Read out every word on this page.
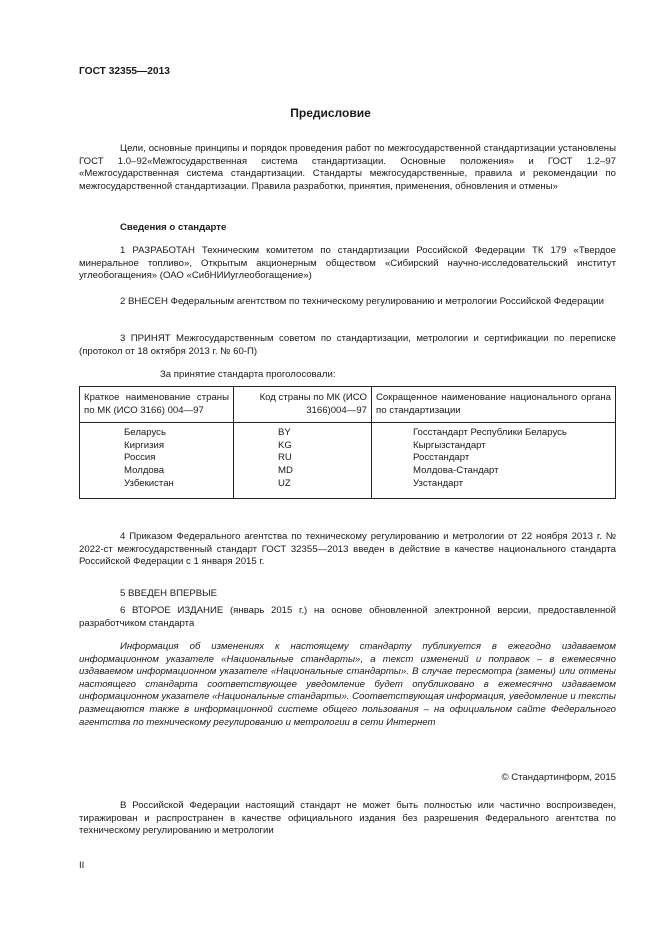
ГОСТ 32355—2013
Предисловие
Цели, основные принципы и порядок проведения работ по межгосударственной стандартизации установлены ГОСТ 1.0–92«Межгосударственная система стандартизации. Основные положения» и ГОСТ 1.2–97 «Межгосударственная система стандартизации. Стандарты межгосударственные, правила и рекомендации по межгосударственной стандартизации. Правила разработки, принятия, применения, обновления и отмены»
Сведения о стандарте
1 РАЗРАБОТАН Техническим комитетом по стандартизации Российской Федерации ТК 179 «Твердое минеральное топливо», Открытым акционерным обществом «Сибирский научно-исследовательский институт углеобогащения» (ОАО «СибНИИуглеобогащение»)
2 ВНЕСЕН Федеральным агентством по техническому регулированию и метрологии Российской Федерации
3 ПРИНЯТ Межгосударственным советом по стандартизации, метрологии и сертификации по переписке (протокол от 18 октября 2013 г. № 60-П)
За принятие стандарта проголосовали:
Краткое наименование страны по МК (ИСО 3166) 004—97	Код страны по МК (ИСО 3166)004—97	Сокращенное наименование национального органа по стандартизации
Беларусь	BY	Госстандарт Республики Беларусь
Киргизия	KG	Кыргызстандарт
Россия	RU	Росстандарт
Молдова	MD	Молдова-Стандарт
Узбекистан	UZ	Узстандарт
4 Приказом Федерального агентства по техническому регулированию и метрологии от 22 ноября 2013 г. № 2022-ст межгосударственный стандарт ГОСТ 32355—2013 введен в действие в качестве национального стандарта Российской Федерации с 1 января 2015 г.
5 ВВЕДЕН ВПЕРВЫЕ
6 ВТОРОЕ ИЗДАНИЕ (январь 2015 г.) на основе обновленной электронной версии, предоставленной разработчиком стандарта
Информация об изменениях к настоящему стандарту публикуется в ежегодно издаваемом информационном указателе «Национальные стандарты», а текст изменений и поправок – в ежемесячно издаваемом информационном указателе «Национальные стандарты». В случае пересмотра (замены) или отмены настоящего стандарта соответствующее уведомление будет опубликовано в ежемесячно издаваемом информационном указателе «Национальные стандарты». Соответствующая информация, уведомление и тексты размещаются также в информационной системе общего пользования – на официальном сайте Федерального агентства по техническому регулированию и метрологии в сети Интернет
© Стандартинформ, 2015
В Российской Федерации настоящий стандарт не может быть полностью или частично воспроизведен, тиражирован и распространен в качестве официального издания без разрешения Федерального агентства по техническому регулированию и метрологии
II
